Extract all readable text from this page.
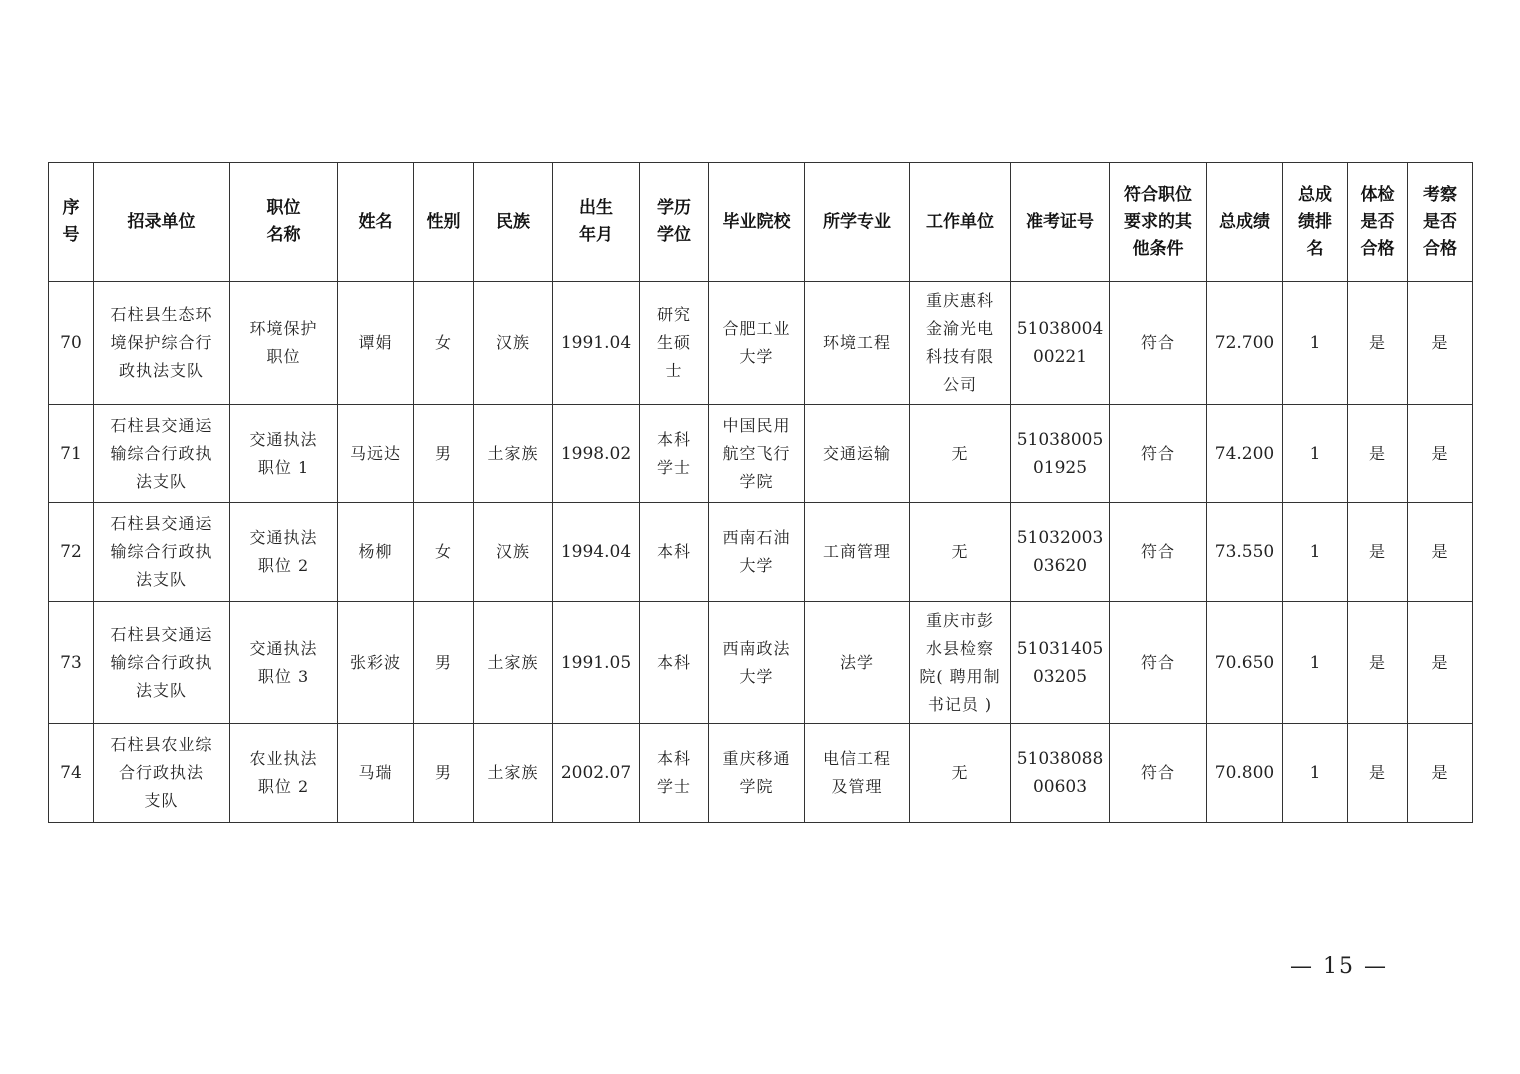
序
号	招录单位	职位
名称	姓名	性别	民族	出生
年月	学历
学位	毕业院校	所学专业	工作单位	准考证号	符合职位
要求的其
他条件	总成绩	总成
绩排
名	体检
是否
合格	考察
是否
合格

70	石柱县生态环
境保护综合行
政执法支队	环境保护
职位	谭娟	女	汉族	1991.04	研究
生硕
士	合肥工业
大学	环境工程	重庆惠科
金渝光电
科技有限
公司	51038004
00221	符合	72.700	1	是	是

71	石柱县交通运
输综合行政执
法支队	交通执法
职位 1	马远达	男	土家族	1998.02	本科
学士	中国民用
航空飞行
学院	交通运输	无	51038005
01925	符合	74.200	1	是	是

72	石柱县交通运
输综合行政执
法支队	交通执法
职位 2	杨柳	女	汉族	1994.04	本科	西南石油
大学	工商管理	无	51032003
03620	符合	73.550	1	是	是

73	石柱县交通运
输综合行政执
法支队	交通执法
职位 3	张彩波	男	土家族	1991.05	本科	西南政法
大学	法学	重庆市彭
水县检察
院( 聘用制
书记员 )	51031405
03205	符合	70.650	1	是	是

74	石柱县农业综
合行政执法
支队	农业执法
职位 2	马瑞	男	土家族	2002.07	本科
学士	重庆移通
学院	电信工程
及管理	无	51038088
00603	符合	70.800	1	是	是
— 15 —
